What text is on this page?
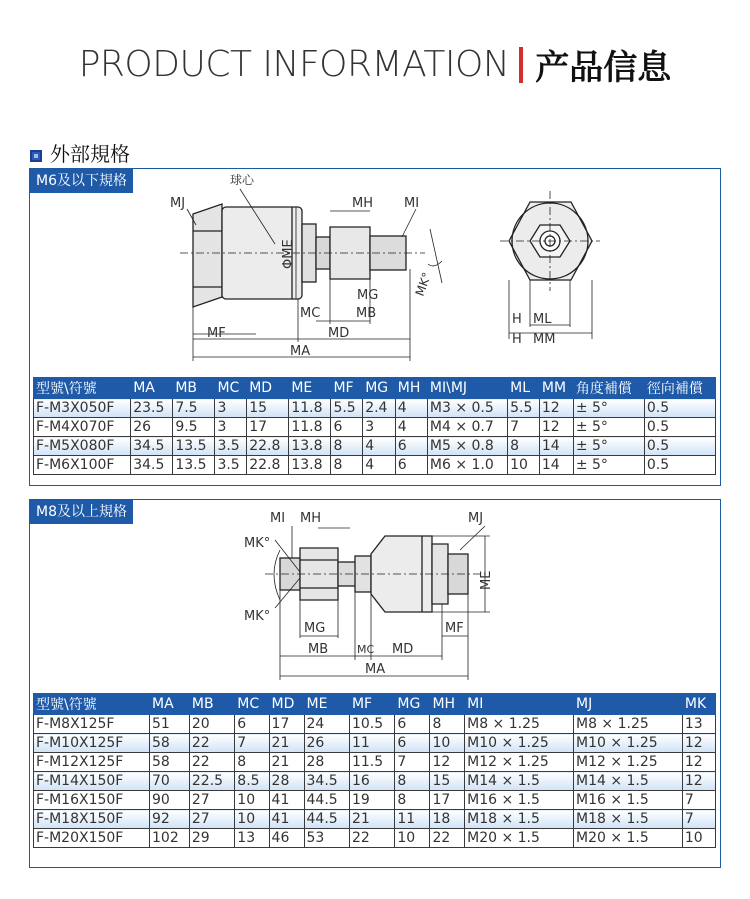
PRODUCT INFORMATION 产品信息
外部規格
M6及以下規格	球心
MJ	MH MI
ΦME
MK°
MG
MC	MB
MD
MF
MA
H ML
H MM
型號\符號	MA	MB	MC	MD	ME	MF	MG	MH	MI\MJ	ML	MM	角度補償	徑向補償
F-M3X050F	23.5	7.5	3	15	11.8	5.5	2.4	4	M3 × 0.5	5.5	12	± 5°	0.5
F-M4X070F	26	9.5	3	17	11.8	6	3	4	M4 × 0.7	7	12	± 5°	0.5
F-M5X080F	34.5	13.5	3.5	22.8	13.8	8	4	6	M5 × 0.8	8	14	± 5°	0.5
F-M6X100F	34.5	13.5	3.5	22.8	13.8	8	4	6	M6 × 1.0	10	14	± 5°	0.5
M8及以上規格	MI MH	MJ
MK°
MK°
ME
MG	MF
MB	MC MD
MA
型號\符號	MA	MB	MC	MD	ME	MF	MG	MH	MI	MJ	MK
F-M8X125F	51	20	6	17	24	10.5	6	8	M8 × 1.25	M8 × 1.25	13
F-M10X125F	58	22	7	21	26	11	6	10	M10 × 1.25	M10 × 1.25	12
F-M12X125F	58	22	8	21	28	11.5	7	12	M12 × 1.25	M12 × 1.25	12
F-M14X150F	70	22.5	8.5	28	34.5	16	8	15	M14 × 1.5	M14 × 1.5	12
F-M16X150F	90	27	10	41	44.5	19	8	17	M16 × 1.5	M16 × 1.5	7
F-M18X150F	92	27	10	41	44.5	21	11	18	M18 × 1.5	M18 × 1.5	7
F-M20X150F	102	29	13	46	53	22	10	22	M20 × 1.5	M20 × 1.5	10
